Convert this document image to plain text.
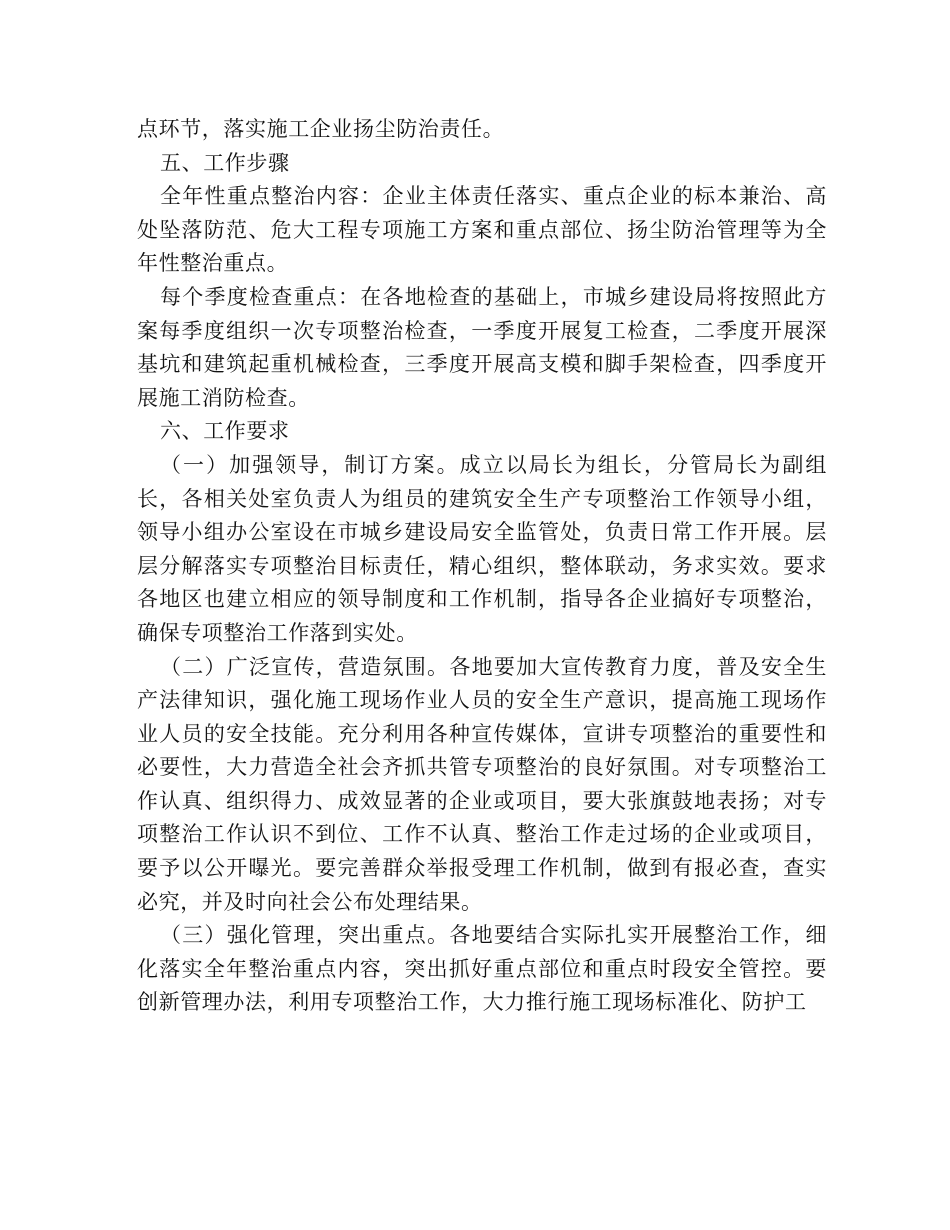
点环节，落实施工企业扬尘防治责任。

五、工作步骤

全年性重点整治内容：企业主体责任落实、重点企业的标本兼治、高处坠落防范、危大工程专项施工方案和重点部位、扬尘防治管理等为全年性整治重点。

每个季度检查重点：在各地检查的基础上，市城乡建设局将按照此方案每季度组织一次专项整治检查，一季度开展复工检查，二季度开展深基坑和建筑起重机械检查，三季度开展高支模和脚手架检查，四季度开展施工消防检查。

六、工作要求

（一）加强领导，制订方案。成立以局长为组长，分管局长为副组长，各相关处室负责人为组员的建筑安全生产专项整治工作领导小组，领导小组办公室设在市城乡建设局安全监管处，负责日常工作开展。层层分解落实专项整治目标责任，精心组织，整体联动，务求实效。要求各地区也建立相应的领导制度和工作机制，指导各企业搞好专项整治，确保专项整治工作落到实处。

（二）广泛宣传，营造氛围。各地要加大宣传教育力度，普及安全生产法律知识，强化施工现场作业人员的安全生产意识，提高施工现场作业人员的安全技能。充分利用各种宣传媒体，宣讲专项整治的重要性和必要性，大力营造全社会齐抓共管专项整治的良好氛围。对专项整治工作认真、组织得力、成效显著的企业或项目，要大张旗鼓地表扬；对专项整治工作认识不到位、工作不认真、整治工作走过场的企业或项目，要予以公开曝光。要完善群众举报受理工作机制，做到有报必查，查实必究，并及时向社会公布处理结果。

（三）强化管理，突出重点。各地要结合实际扎实开展整治工作，细化落实全年整治重点内容，突出抓好重点部位和重点时段安全管控。要创新管理办法，利用专项整治工作，大力推行施工现场标准化、防护工
